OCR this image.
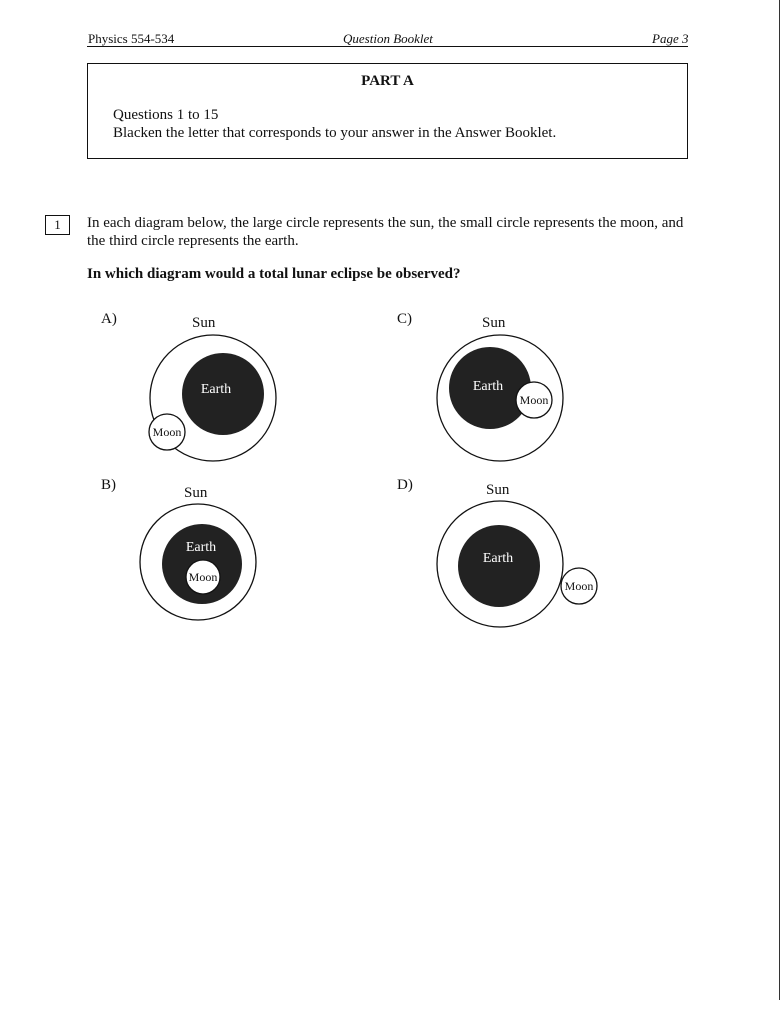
Physics 554-534	Question Booklet	Page 3
PART A
Questions 1 to 15
Blacken the letter that corresponds to your answer in the Answer Booklet.
1	In each diagram below, the large circle represents the sun, the small circle represents the moon, and the third circle represents the earth.
In which diagram would a total lunar eclipse be observed?
A)
B)
C)
D)
Sun
Sun
Sun
Sun
Earth
Moon
Earth
Moon
Earth
Moon
Earth
Moon
